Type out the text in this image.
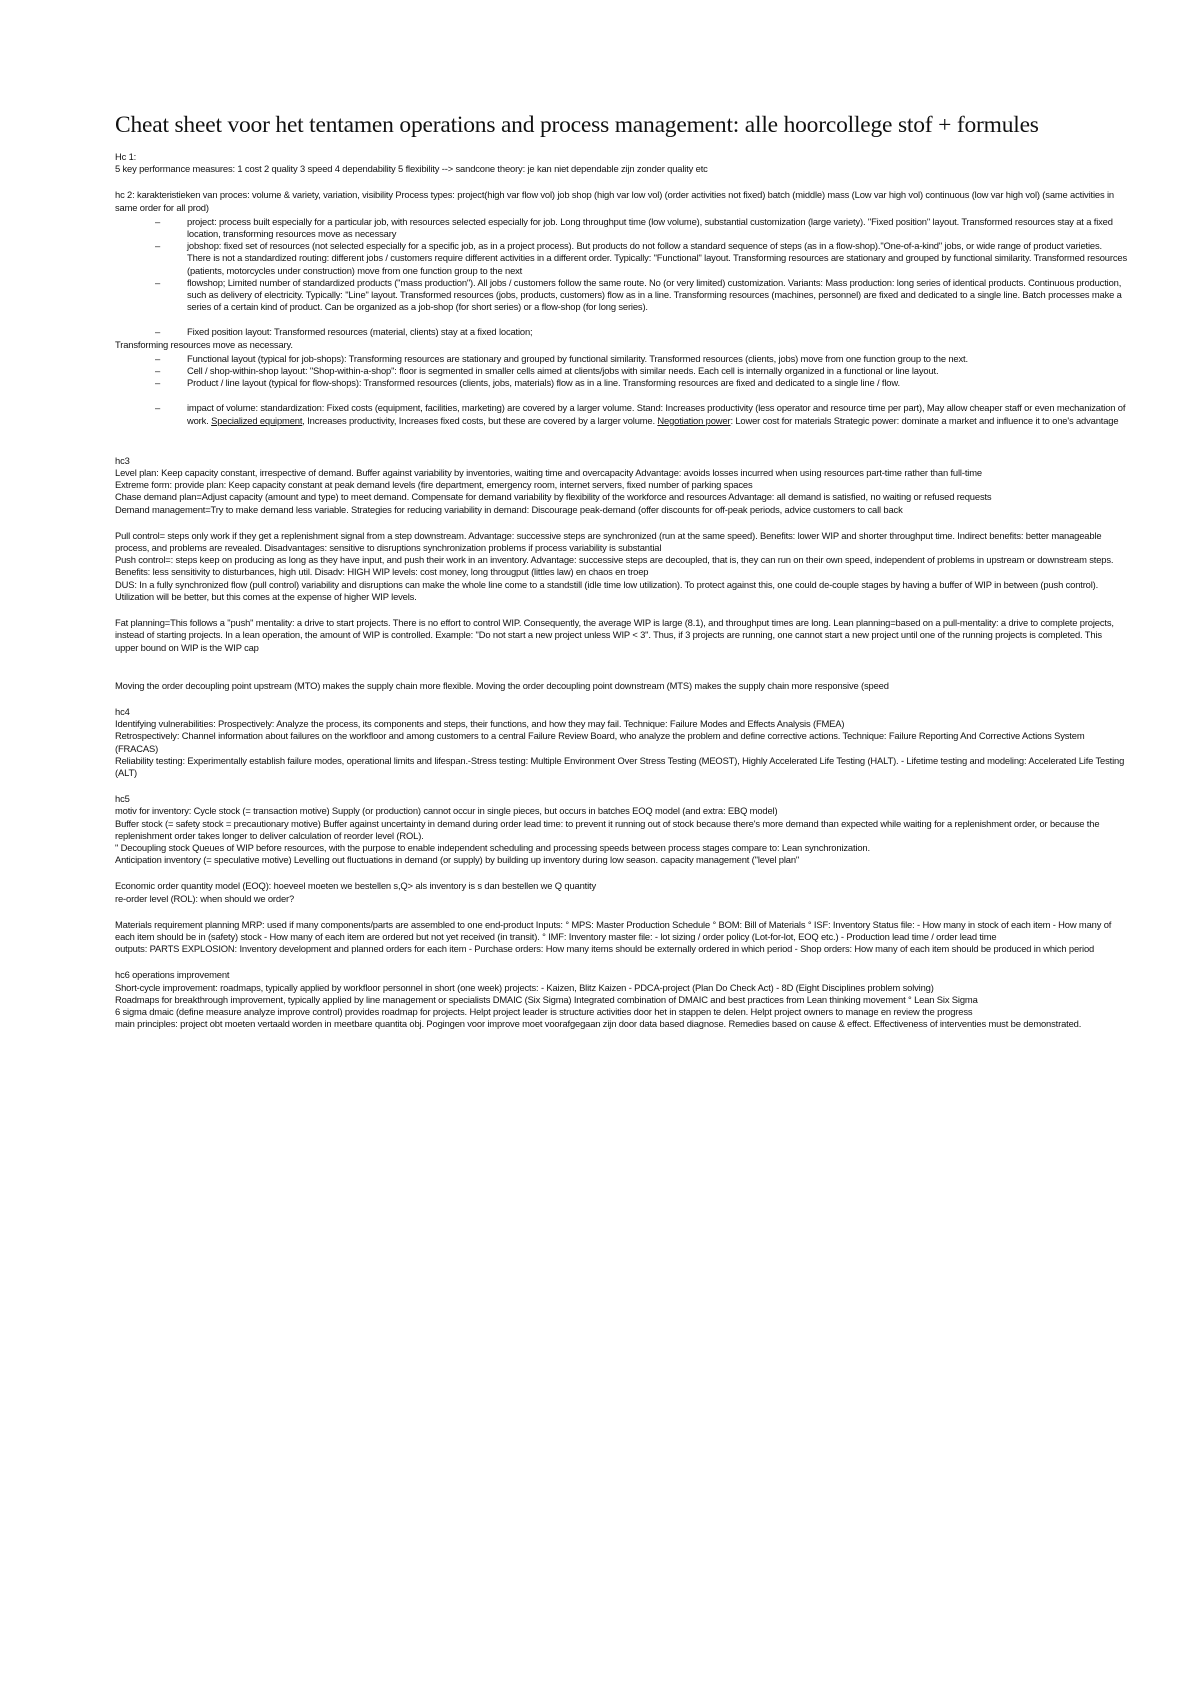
Cheat sheet voor het tentamen operations and process management: alle hoorcollege stof + formules

Hc 1:

5 key performance measures: 1 cost 2 quality 3 speed 4 dependability 5 flexibility --> sandcone theory: je kan niet dependable zijn zonder quality etc

hc 2: karakteristieken van proces: volume & variety, variation, visibility Process types: project(high var flow vol) job shop (high var low vol) (order activities not fixed) batch (middle) mass (Low var high vol) continuous (low var high vol) (same activities in same order for all prod)

– project: process built especially for a particular job, with resources selected especially for job. Long throughput time (low volume), substantial customization (large variety). "Fixed position" layout. Transformed resources stay at a fixed location, transforming resources move as necessary
– jobshop: fixed set of resources (not selected especially for a specific job, as in a project process). But products do not follow a standard sequence of steps (as in a flow-shop)."One-of-a-kind" jobs, or wide range of product varieties. There is not a standardized routing: different jobs / customers require different activities in a different order. Typically: "Functional" layout. Transforming resources are stationary and grouped by functional similarity. Transformed resources (patients, motorcycles under construction) move from one function group to the next
– flowshop; Limited number of standardized products ("mass production"). All jobs / customers follow the same route. No (or very limited) customization. Variants: Mass production: long series of identical products. Continuous production, such as delivery of electricity. Typically: "Line" layout. Transformed resources (jobs, products, customers) flow as in a line. Transforming resources (machines, personnel) are fixed and dedicated to a single line. Batch processes make a series of a certain kind of product. Can be organized as a job-shop (for short series) or a flow-shop (for long series).
– Fixed position layout: Transformed resources (material, clients) stay at a fixed location;

Transforming resources move as necessary.

– Functional layout (typical for job-shops): Transforming resources are stationary and grouped by functional similarity. Transformed resources (clients, jobs) move from one function group to the next.
– Cell / shop-within-shop layout: "Shop-within-a-shop": floor is segmented in smaller cells aimed at clients/jobs with similar needs. Each cell is internally organized in a functional or line layout.
– Product / line layout (typical for flow-shops): Transformed resources (clients, jobs, materials) flow as in a line. Transforming resources are fixed and dedicated to a single line / flow.
– impact of volume: standardization: Fixed costs (equipment, facilities, marketing) are covered by a larger volume. Stand: Increases productivity (less operator and resource time per part), May allow cheaper staff or even mechanization of work. Specialized equipment, Increases productivity, Increases fixed costs, but these are covered by a larger volume. Negotiation power: Lower cost for materials Strategic power: dominate a market and influence it to one's advantage

hc3

Level plan: Keep capacity constant, irrespective of demand. Buffer against variability by inventories, waiting time and overcapacity Advantage: avoids losses incurred when using resources part-time rather than full-time

Extreme form: provide plan: Keep capacity constant at peak demand levels (fire department, emergency room, internet servers, fixed number of parking spaces

Chase demand plan=Adjust capacity (amount and type) to meet demand. Compensate for demand variability by flexibility of the workforce and resources Advantage: all demand is satisfied, no waiting or refused requests

Demand management=Try to make demand less variable. Strategies for reducing variability in demand: Discourage peak-demand (offer discounts for off-peak periods, advice customers to call back

Pull control= steps only work if they get a replenishment signal from a step downstream. Advantage: successive steps are synchronized (run at the same speed). Benefits: lower WIP and shorter throughput time. Indirect benefits: better manageable process, and problems are revealed. Disadvantages: sensitive to disruptions synchronization problems if process variability is substantial

Push control=: steps keep on producing as long as they have input, and push their work in an inventory. Advantage: successive steps are decoupled, that is, they can run on their own speed, independent of problems in upstream or downstream steps. Benefits: less sensitivity to disturbances, high util. Disadv: HIGH WIP levels: cost money, long througput (littles law) en chaos en troep

DUS: In a fully synchronized flow (pull control) variability and disruptions can make the whole line come to a standstill (idle time low utilization). To protect against this, one could de-couple stages by having a buffer of WIP in between (push control). Utilization will be better, but this comes at the expense of higher WIP levels.

Fat planning=This follows a "push" mentality: a drive to start projects. There is no effort to control WIP. Consequently, the average WIP is large (8.1), and throughput times are long. Lean planning=based on a pull-mentality: a drive to complete projects, instead of starting projects. In a lean operation, the amount of WIP is controlled. Example: "Do not start a new project unless WIP < 3". Thus, if 3 projects are running, one cannot start a new project until one of the running projects is completed. This upper bound on WIP is the WIP cap

Moving the order decoupling point upstream (MTO) makes the supply chain more flexible. Moving the order decoupling point downstream (MTS) makes the supply chain more responsive (speed

hc4

Identifying vulnerabilities: Prospectively: Analyze the process, its components and steps, their functions, and how they may fail. Technique: Failure Modes and Effects Analysis (FMEA)

Retrospectively: Channel information about failures on the workfloor and among customers to a central Failure Review Board, who analyze the problem and define corrective actions. Technique: Failure Reporting And Corrective Actions System (FRACAS)

Reliability testing: Experimentally establish failure modes, operational limits and lifespan.-Stress testing: Multiple Environment Over Stress Testing (MEOST), Highly Accelerated Life Testing (HALT). - Lifetime testing and modeling: Accelerated Life Testing (ALT)

hc5

motiv for inventory: Cycle stock (= transaction motive) Supply (or production) cannot occur in single pieces, but occurs in batches EOQ model (and extra: EBQ model)

Buffer stock (= safety stock = precautionary motive) Buffer against uncertainty in demand during order lead time: to prevent it running out of stock because there's more demand than expected while waiting for a replenishment order, or because the replenishment order takes longer to deliver calculation of reorder level (ROL).

" Decoupling stock Queues of WIP before resources, with the purpose to enable independent scheduling and processing speeds between process stages compare to: Lean synchronization.

Anticipation inventory (= speculative motive) Levelling out fluctuations in demand (or supply) by building up inventory during low season. capacity management ("level plan"

Economic order quantity model (EOQ): hoeveel moeten we bestellen s,Q> als inventory is s dan bestellen we Q quantity

re-order level (ROL): when should we order?

Materials requirement planning MRP: used if many components/parts are assembled to one end-product Inputs: ° MPS: Master Production Schedule ° BOM: Bill of Materials ° ISF: Inventory Status file: - How many in stock of each item - How many of each item should be in (safety) stock - How many of each item are ordered but not yet received (in transit). ° IMF: Inventory master file: - lot sizing / order policy (Lot-for-lot, EOQ etc.) - Production lead time / order lead time

outputs: PARTS EXPLOSION: Inventory development and planned orders for each item - Purchase orders: How many items should be externally ordered in which period - Shop orders: How many of each item should be produced in which period

hc6 operations improvement

Short-cycle improvement: roadmaps, typically applied by workfloor personnel in short (one week) projects: - Kaizen, Blitz Kaizen - PDCA-project (Plan Do Check Act) - 8D (Eight Disciplines problem solving)

Roadmaps for breakthrough improvement, typically applied by line management or specialists DMAIC (Six Sigma) Integrated combination of DMAIC and best practices from Lean thinking movement ° Lean Six Sigma

6 sigma dmaic (define measure analyze improve control) provides roadmap for projects. Helpt project leader is structure activities door het in stappen te delen. Helpt project owners to manage en review the progress

main principles: project obt moeten vertaald worden in meetbare quantita obj. Pogingen voor improve moet voorafgegaan zijn door data based diagnose. Remedies based on cause & effect. Effectiveness of interventies must be demonstrated.
